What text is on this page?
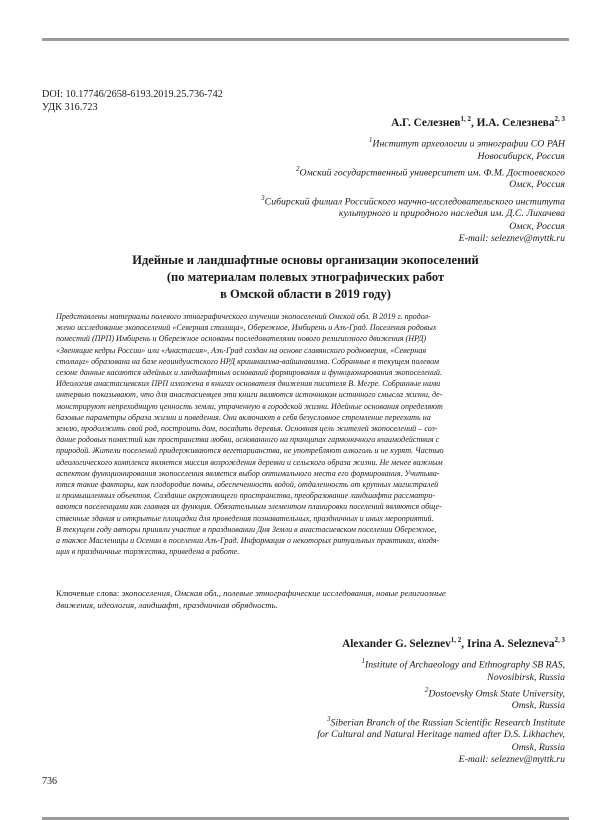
DOI: 10.17746/2658-6193.2019.25.736-742
УДК 316.723
А.Г. Селезнев$^{1, 2}$, И.А. Селезнева$^{2, 3}$
$^1$Институт археологии и этнографии СО РАН
Новосибирск, Россия
$^2$Омский государственный университет им. Ф.М. Достоевского
Омск, Россия
$^3$Сибирский филиал Российского научно-исследовательского института
культурного и природного наследия им. Д.С. Лихачева
Омск, Россия
E-mail: seleznev@myttk.ru
Идейные и ландшафтные основы организации экопоселений
(по материалам полевых этнографических работ
в Омской области в 2019 году)
Представлены материалы полевого этнографического изучения экопоселений Омской обл. В 2019 г. продол-
жено исследование экопоселений «Северная столица», Обережное, Имбирень и Азъ-Град. Поселения родовых
поместий (ПРП) Имбирень и Обережное основаны последователями нового религиозного движения (НРД)
«Звенящие кедры России» или «Анастасия», Азъ-Град создан на основе славянского родноверия, «Северная
столица» образована на базе неоиндуистского НРД кришнаизма-вайшнавизма. Собранные в текущем полевом
сезоне данные касаются идейных и ландшафтных оснований формирования и функционирования экопоселений.
Идеология анастасиевских ПРП изложена в книгах основателя движения писателя В. Мегре. Собранные нами
интервью показывают, что для анастасиевцев эти книги являются источником истинного смысла жизни, де-
монстрируют непреходящую ценность земли, утраченную в городской жизни. Идейные основания определяют
базовые параметры образа жизни и поведения. Они включают в себя безусловное стремление переехать на
землю, продолжить свой род, построить дом, посадить деревья. Основная цель жителей экопоселений – соз-
дание родовых поместий как пространства любви, основанного на принципах гармоничного взаимодействия с
природой. Жители поселений придерживаются вегетарианства, не употребляют алкоголь и не курят. Частью
идеологического комплекса является миссия возрождения деревни и сельского образа жизни. Не менее важным
аспектом функционирования экопоселения является выбор оптимального места его формирования. Учитыва-
ются такие факторы, как плодородие почвы, обеспеченность водой, отдаленность от крупных магистралей
и промышленных объектов. Создание окружающего пространства, преобразование ландшафта рассматри-
ваются поселенцами как главная их функция. Обязательным элементом планировки поселений являются обще-
ственные здания и открытые площадки для проведения познавательных, праздничных и иных мероприятий.
В текущем году авторы приняли участие в праздновании Дня Земли в анастасиевском поселении Обережное,
а также Масленицы и Осенин в поселении Азъ-Град. Информация о некоторых ритуальных практиках, входя-
щих в праздничные торжества, приведена в работе.
Ключевые слова: экопоселения, Омская обл., полевые этнографические исследования, новые религиозные
движения, идеология, ландшафт, праздничная обрядность.
Alexander G. Seleznev$^{1, 2}$, Irina A. Selezneva$^{2, 3}$
$^1$Institute of Archaeology and Ethnography SB RAS,
Novosibirsk, Russia
$^2$Dostoevsky Omsk State University,
Omsk, Russia
$^3$Siberian Branch of the Russian Scientific Research Institute
for Cultural and Natural Heritage named after D.S. Likhachev,
Omsk, Russia
E-mail: seleznev@myttk.ru
736
